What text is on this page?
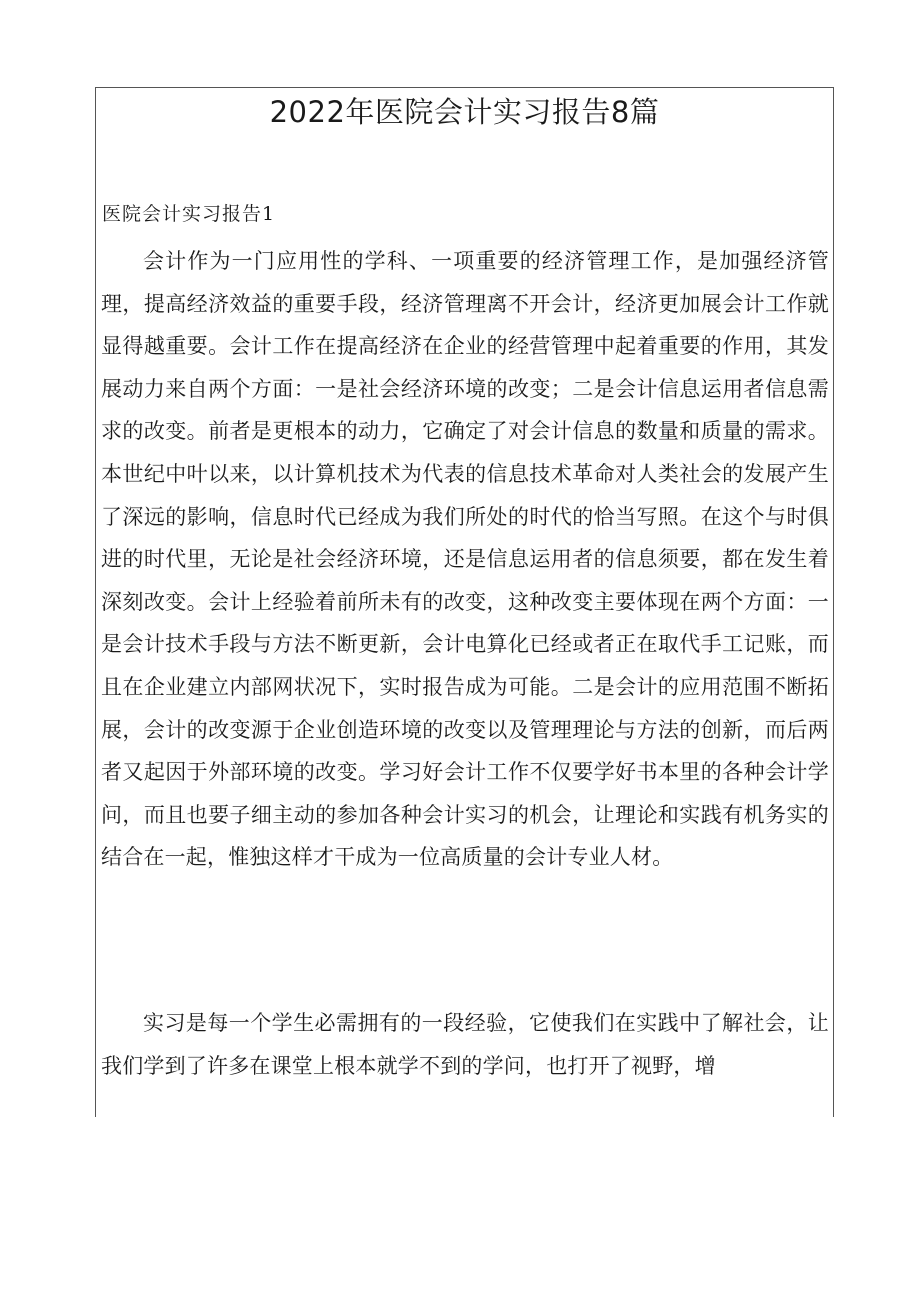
2022年医院会计实习报告8篇
医院会计实习报告1

会计作为一门应用性的学科、一项重要的经济管理工作，是加强经济管理，提高经济效益的重要手段，经济管理离不开会计，经济更加展会计工作就显得越重要。会计工作在提高经济在企业的经营管理中起着重要的作用，其发展动力来自两个方面：一是社会经济环境的改变；二是会计信息运用者信息需求的改变。前者是更根本的动力，它确定了对会计信息的数量和质量的需求。本世纪中叶以来，以计算机技术为代表的信息技术革命对人类社会的发展产生了深远的影响，信息时代已经成为我们所处的时代的恰当写照。在这个与时俱进的时代里，无论是社会经济环境，还是信息运用者的信息须要，都在发生着深刻改变。会计上经验着前所未有的改变，这种改变主要体现在两个方面：一是会计技术手段与方法不断更新，会计电算化已经或者正在取代手工记账，而且在企业建立内部网状况下，实时报告成为可能。二是会计的应用范围不断拓展，会计的改变源于企业创造环境的改变以及管理理论与方法的创新，而后两者又起因于外部环境的改变。学习好会计工作不仅要学好书本里的各种会计学问，而且也要子细主动的参加各种会计实习的机会，让理论和实践有机务实的结合在一起，惟独这样才干成为一位高质量的会计专业人材。

实习是每一个学生必需拥有的一段经验，它使我们在实践中了解社会，让我们学到了许多在课堂上根本就学不到的学问，也打开了视野，增
